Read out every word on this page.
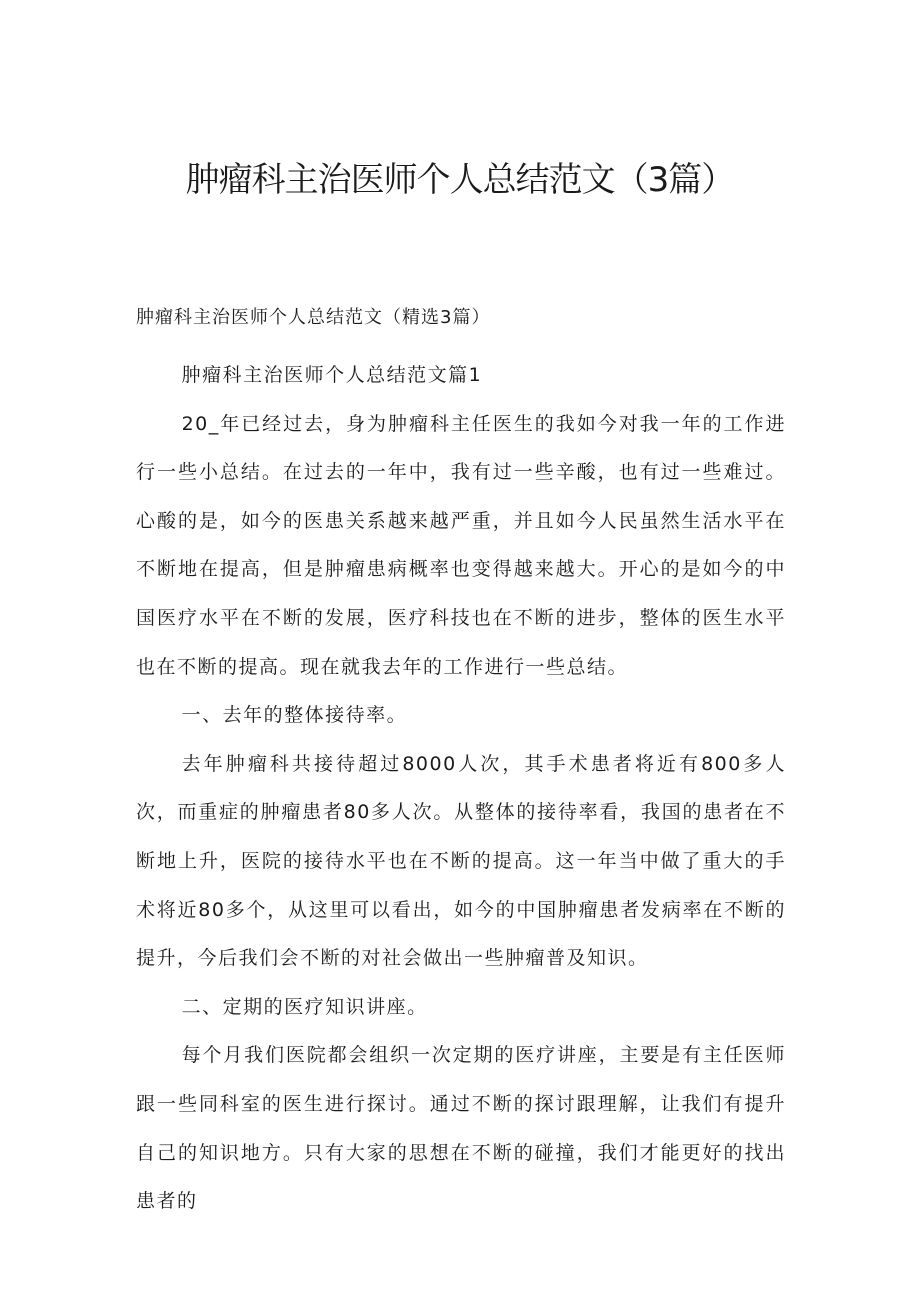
肿瘤科主治医师个人总结范文（3篇）
肿瘤科主治医师个人总结范文（精选3篇）

肿瘤科主治医师个人总结范文篇1

20_年已经过去，身为肿瘤科主任医生的我如今对我一年的工作进行一些小总结。在过去的一年中，我有过一些辛酸，也有过一些难过。心酸的是，如今的医患关系越来越严重，并且如今人民虽然生活水平在不断地在提高，但是肿瘤患病概率也变得越来越大。开心的是如今的中国医疗水平在不断的发展，医疗科技也在不断的进步，整体的医生水平也在不断的提高。现在就我去年的工作进行一些总结。

一、去年的整体接待率。

去年肿瘤科共接待超过8000人次，其手术患者将近有800多人次，而重症的肿瘤患者80多人次。从整体的接待率看，我国的患者在不断地上升，医院的接待水平也在不断的提高。这一年当中做了重大的手术将近80多个，从这里可以看出，如今的中国肿瘤患者发病率在不断的提升，今后我们会不断的对社会做出一些肿瘤普及知识。

二、定期的医疗知识讲座。

每个月我们医院都会组织一次定期的医疗讲座，主要是有主任医师跟一些同科室的医生进行探讨。通过不断的探讨跟理解，让我们有提升自己的知识地方。只有大家的思想在不断的碰撞，我们才能更好的找出患者的
